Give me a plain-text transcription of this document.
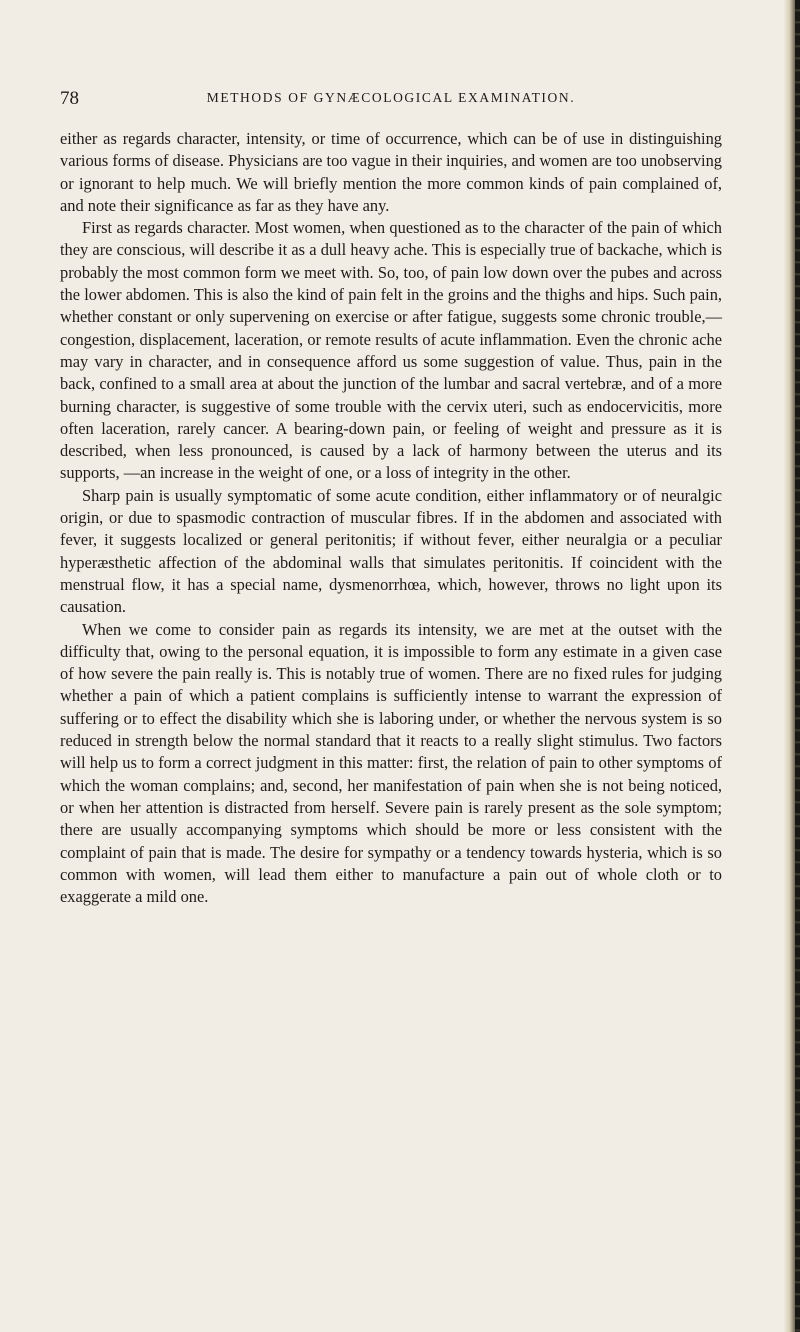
78	METHODS OF GYNÆCOLOGICAL EXAMINATION.

either as regards character, intensity, or time of occurrence, which can be of use in distinguishing various forms of disease. Physicians are too vague in their inquiries, and women are too unobserving or ignorant to help much. We will briefly mention the more common kinds of pain complained of, and note their significance as far as they have any.

First as regards character. Most women, when questioned as to the character of the pain of which they are conscious, will describe it as a dull heavy ache. This is especially true of backache, which is probably the most common form we meet with. So, too, of pain low down over the pubes and across the lower abdomen. This is also the kind of pain felt in the groins and the thighs and hips. Such pain, whether constant or only supervening on exercise or after fatigue, suggests some chronic trouble,— congestion, displacement, laceration, or remote results of acute inflammation. Even the chronic ache may vary in character, and in consequence afford us some suggestion of value. Thus, pain in the back, confined to a small area at about the junction of the lumbar and sacral vertebræ, and of a more burning character, is suggestive of some trouble with the cervix uteri, such as endocervicitis, more often laceration, rarely cancer. A bearing-down pain, or feeling of weight and pressure as it is described, when less pronounced, is caused by a lack of harmony between the uterus and its supports, —an increase in the weight of one, or a loss of integrity in the other.

Sharp pain is usually symptomatic of some acute condition, either inflammatory or of neuralgic origin, or due to spasmodic contraction of muscular fibres. If in the abdomen and associated with fever, it suggests localized or general peritonitis; if without fever, either neuralgia or a peculiar hyperæsthetic affection of the abdominal walls that simulates peritonitis. If coincident with the menstrual flow, it has a special name, dysmenorrhœa, which, however, throws no light upon its causation.

When we come to consider pain as regards its intensity, we are met at the outset with the difficulty that, owing to the personal equation, it is impossible to form any estimate in a given case of how severe the pain really is. This is notably true of women. There are no fixed rules for judging whether a pain of which a patient complains is sufficiently intense to warrant the expression of suffering or to effect the disability which she is laboring under, or whether the nervous system is so reduced in strength below the normal standard that it reacts to a really slight stimulus. Two factors will help us to form a correct judgment in this matter: first, the relation of pain to other symptoms of which the woman complains; and, second, her manifestation of pain when she is not being noticed, or when her attention is distracted from herself. Severe pain is rarely present as the sole symptom; there are usually accompanying symptoms which should be more or less consistent with the complaint of pain that is made. The desire for sympathy or a tendency towards hysteria, which is so common with women, will lead them either to manufacture a pain out of whole cloth or to exaggerate a mild one.
